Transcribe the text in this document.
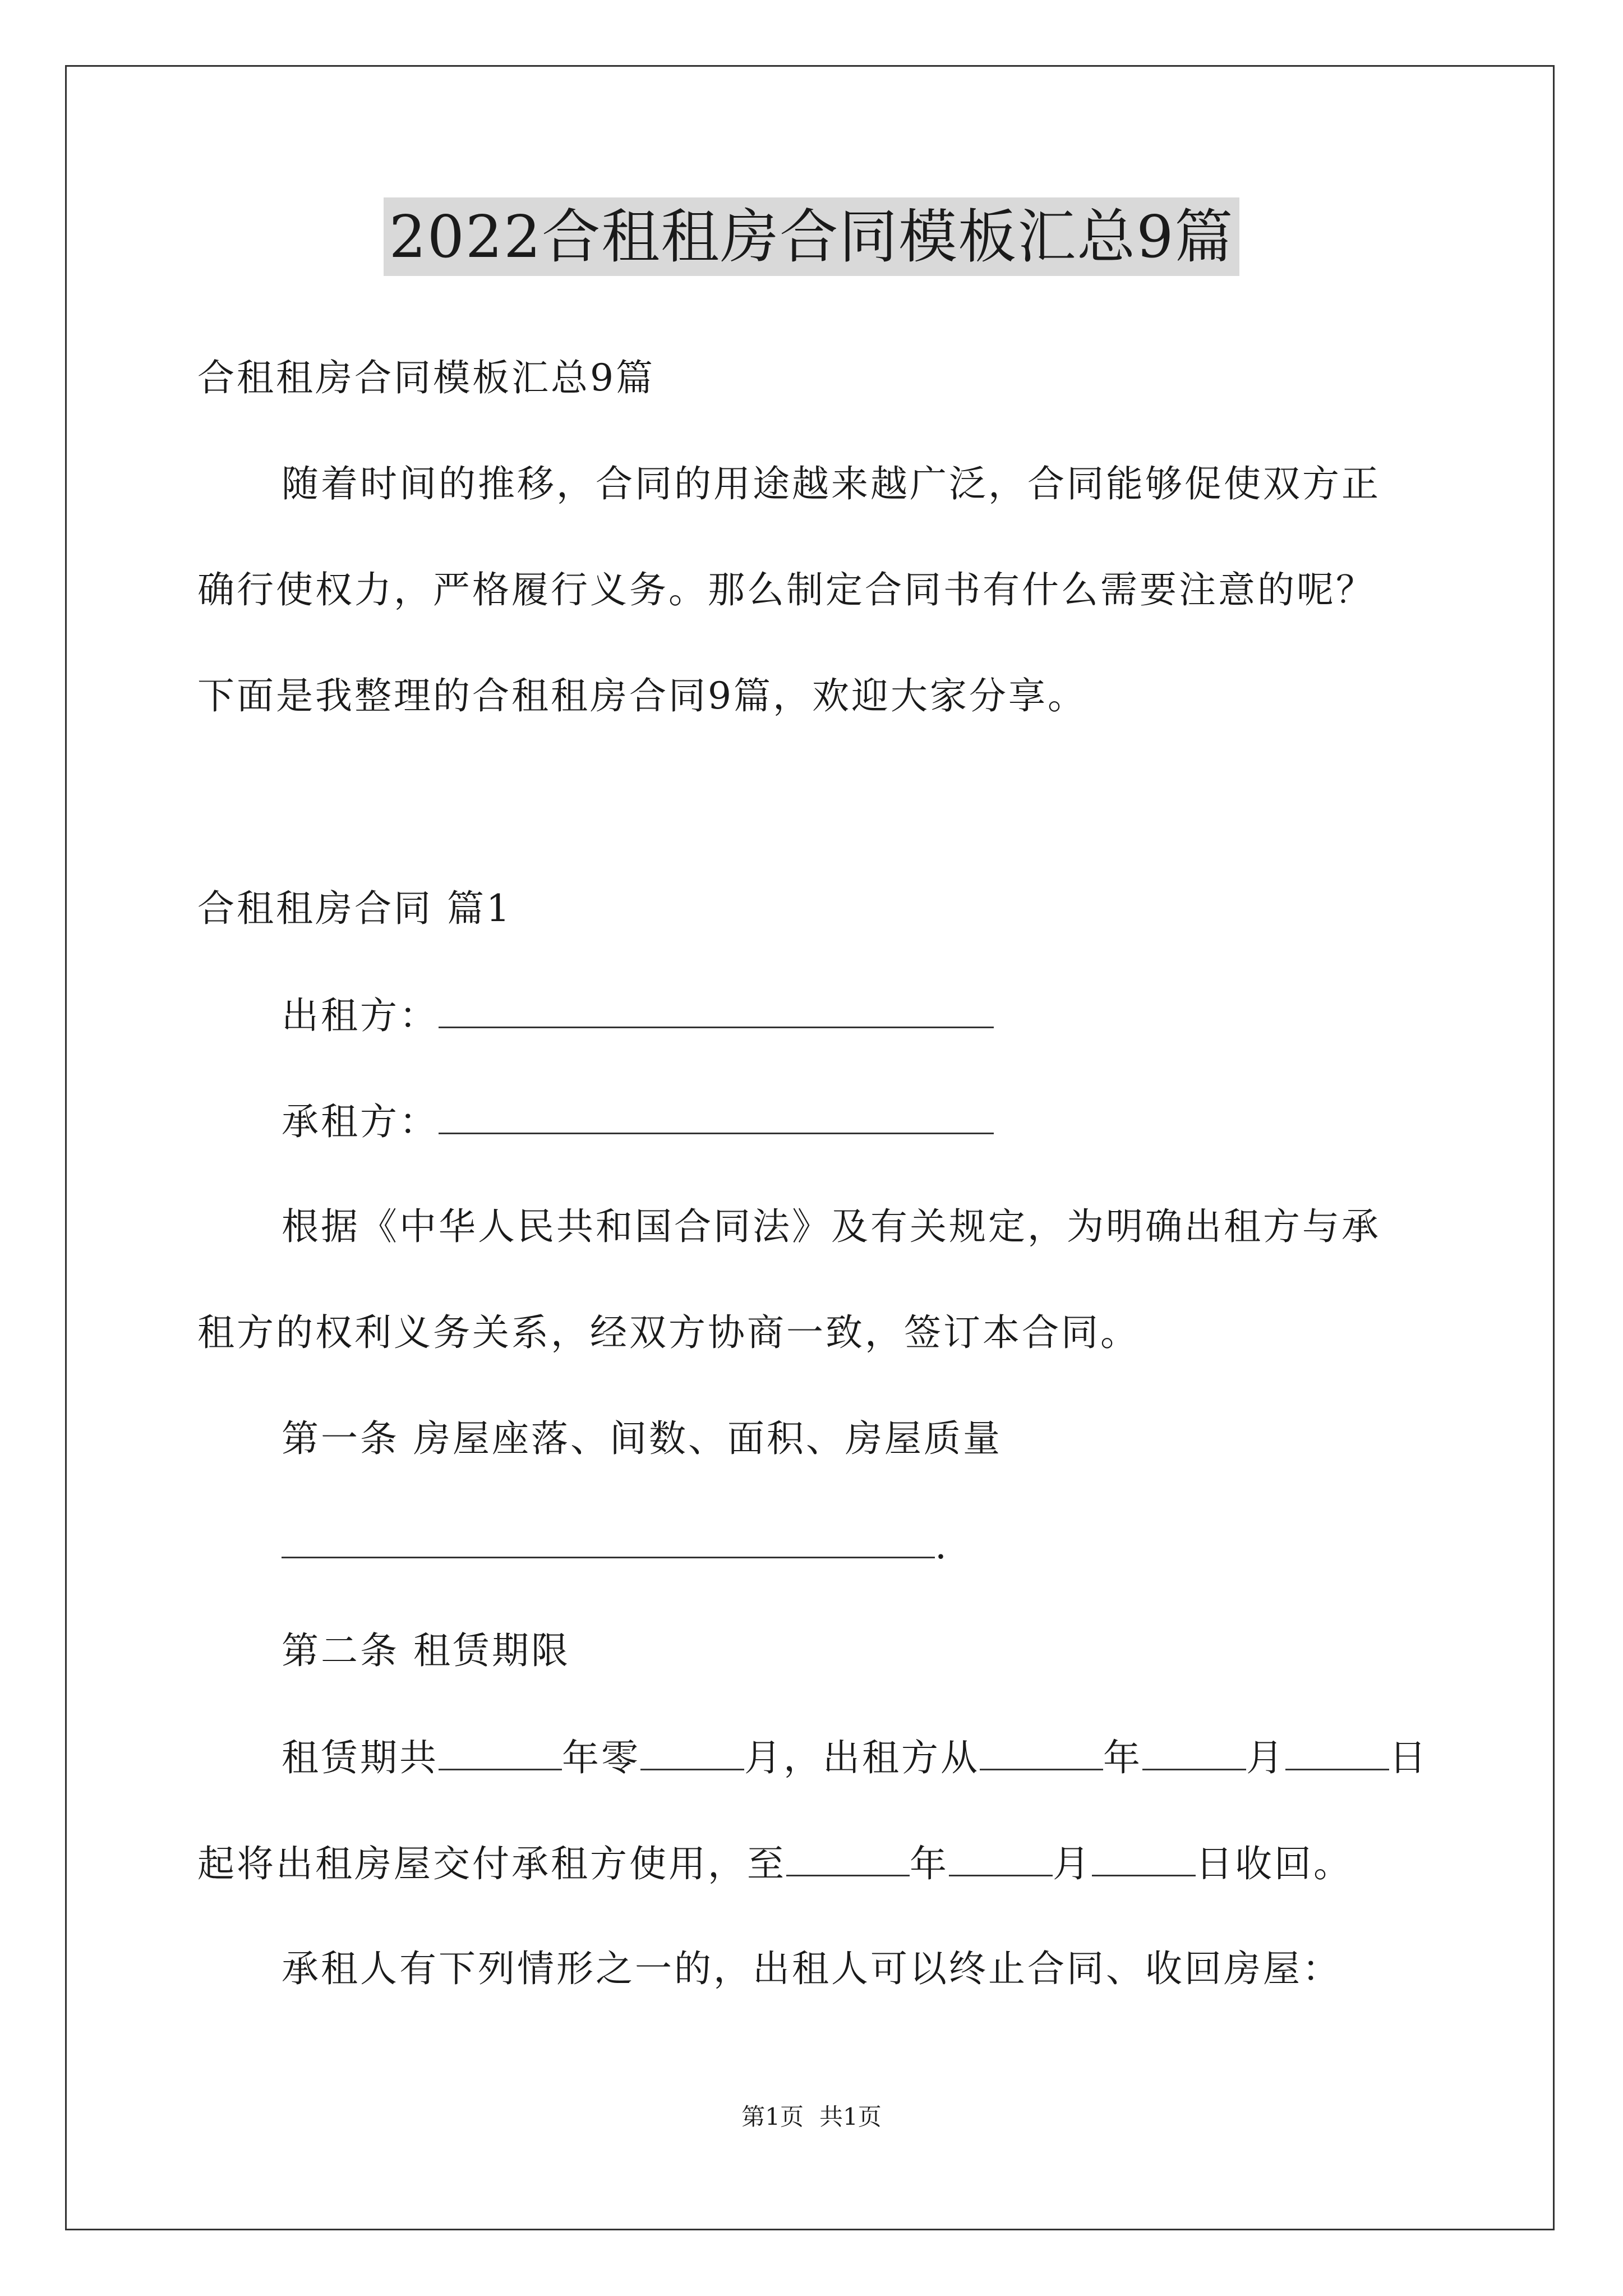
2022合租租房合同模板汇总9篇
合租租房合同模板汇总9篇
随着时间的推移，合同的用途越来越广泛，合同能够促使双方正
确行使权力，严格履行义务。那么制定合同书有什么需要注意的呢？
下面是我整理的合租租房合同9篇，欢迎大家分享。
合租租房合同 篇1
出租方：
承租方：
根据《中华人民共和国合同法》及有关规定，为明确出租方与承
租方的权利义务关系，经双方协商一致，签订本合同。
第一条 房屋座落、间数、面积、房屋质量
.
第二条 租赁期限
租赁期共	年零	月，出租方从	年	月	日
起将出租房屋交付承租方使用，至	年	月	日收回。
承租人有下列情形之一的，出租人可以终止合同、收回房屋：
第1页 共1页
